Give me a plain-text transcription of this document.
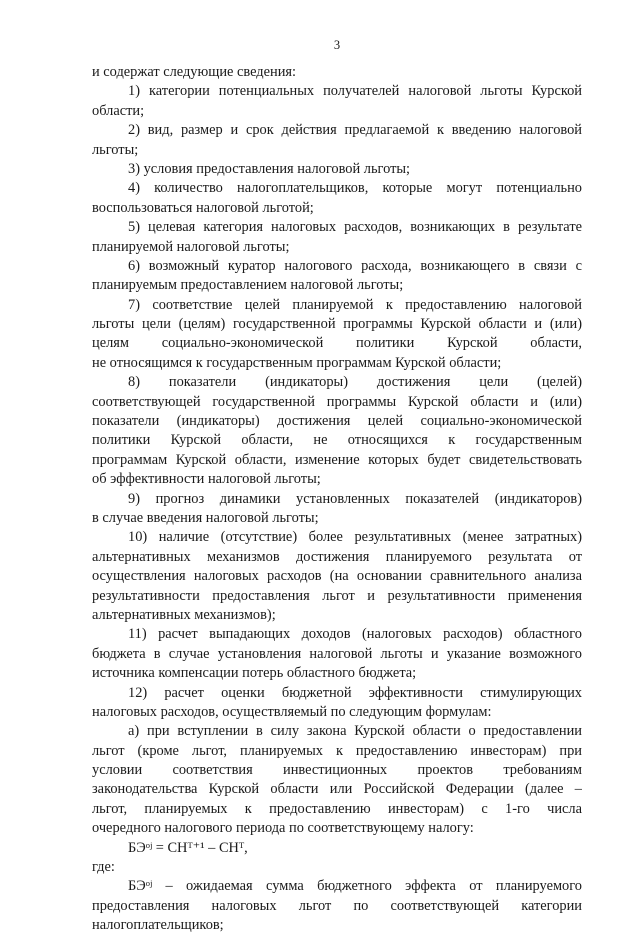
3
и содержат следующие сведения:
1) категории потенциальных получателей налоговой льготы Курской
области;
2) вид, размер и срок действия предлагаемой к введению налоговой
льготы;
3) условия предоставления налоговой льготы;
4) количество налогоплательщиков, которые могут потенциально
воспользоваться налоговой льготой;
5) целевая категория налоговых расходов, возникающих в результате
планируемой налоговой льготы;
6) возможный куратор налогового расхода, возникающего в связи с
планируемым предоставлением налоговой льготы;
7) соответствие целей планируемой к предоставлению налоговой
льготы цели (целям) государственной программы Курской области и (или)
целям социально-экономической политики Курской области,
не относящимся к государственным программам Курской области;
8) показатели (индикаторы) достижения цели (целей)
соответствующей государственной программы Курской области и (или)
показатели (индикаторы) достижения целей социально-экономической
политики Курской области, не относящихся к государственным
программам Курской области, изменение которых будет свидетельствовать
об эффективности налоговой льготы;
9) прогноз динамики установленных показателей (индикаторов)
в случае введения налоговой льготы;
10) наличие (отсутствие) более результативных (менее затратных)
альтернативных механизмов достижения планируемого результата от
осуществления налоговых расходов (на основании сравнительного анализа
результативности предоставления льгот и результативности применения
альтернативных механизмов);
11) расчет выпадающих доходов (налоговых расходов) областного
бюджета в случае установления налоговой льготы и указание возможного
источника компенсации потерь областного бюджета;
12) расчет оценки бюджетной эффективности стимулирующих
налоговых расходов, осуществляемый по следующим формулам:
а) при вступлении в силу закона Курской области о предоставлении
льгот (кроме льгот, планируемых к предоставлению инвесторам) при
условии соответствия инвестиционных проектов требованиям
законодательства Курской области или Российской Федерации (далее –
льгот, планируемых к предоставлению инвесторам) с 1-го числа
очередного налогового периода по соответствующему налогу:
БЭᵒʲ = СНᵀ⁺¹ – СНᵀ,
где:
БЭᵒʲ – ожидаемая сумма бюджетного эффекта от планируемого
предоставления налоговых льгот по соответствующей категории
налогоплательщиков;
